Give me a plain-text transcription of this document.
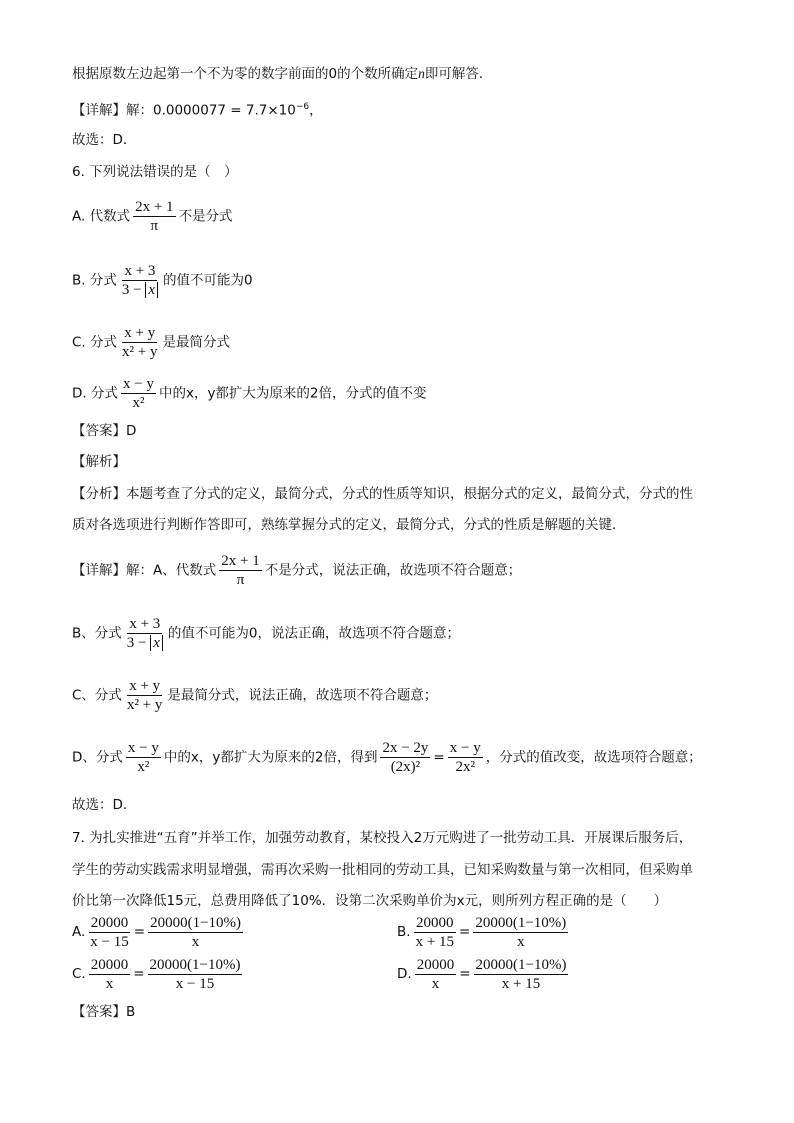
根据原数左边起第一个不为零的数字前面的0的个数所确定n即可解答．
【详解】解：$0.0000077 = 7.7\times 10^{-6}$，
故选：D．
6. 下列说法错误的是（　）
A. 代数式 $\frac{2x + 1}{\pi}$ 不是分式
B. 分式 $\frac{x + 3}{3 - x}$ 的值不可能为0
C. 分式 $\frac{x + y}{\text{x² + y}}$ 是最简分式
D. 分式 $\frac{x - y}{\text{x²}}$ 中的x，y都扩大为原来的2倍，分式的值不变
【答案】D
【解析】
【分析】本题考查了分式的定义，最简分式，分式的性质等知识，根据分式的定义，最简分式，分式的性
质对各选项进行判断作答即可，熟练掌握分式的定义，最简分式，分式的性质是解题的关键．
【详解】解：A、代数式 $\frac{2x + 1}{\pi}$ 不是分式，说法正确，故选项不符合题意；
B、分式 $\frac{x + 3}{3 - x}$ 的值不可能为0，说法正确，故选项不符合题意；
C、分式 $\frac{x + y}{\text{x² + y}}$ 是最简分式，说法正确，故选项不符合题意；
D、分式 $\frac{x - y}{\text{x²}}$ 中的x，y都扩大为原来的2倍，得到 $\frac{2x - 2y}{\text{(2x)²}} = \frac{x - y}{\text{2x²}}$ ，分式的值改变，故选项符合题意；
故选：D．
7. 为扎实推进“五育”并举工作，加强劳动教育，某校投入2万元购进了一批劳动工具．开展课后服务后，
学生的劳动实践需求明显增强，需再次采购一批相同的劳动工具，已知采购数量与第一次相同，但采购单
价比第一次降低15元，总费用降低了10%．设第二次采购单价为x元，则所列方程正确的是（　　）
A. $\frac{20000}{x - 15} = \frac{20000(1-10\%)}{x}$	B. $\frac{20000}{x + 15} = \frac{20000(1-10\%)}{x}$
C. $\frac{20000}{x} = \frac{20000(1-10\%)}{x - 15}$	D. $\frac{20000}{x} = \frac{20000(1-10\%)}{x + 15}$
【答案】B
